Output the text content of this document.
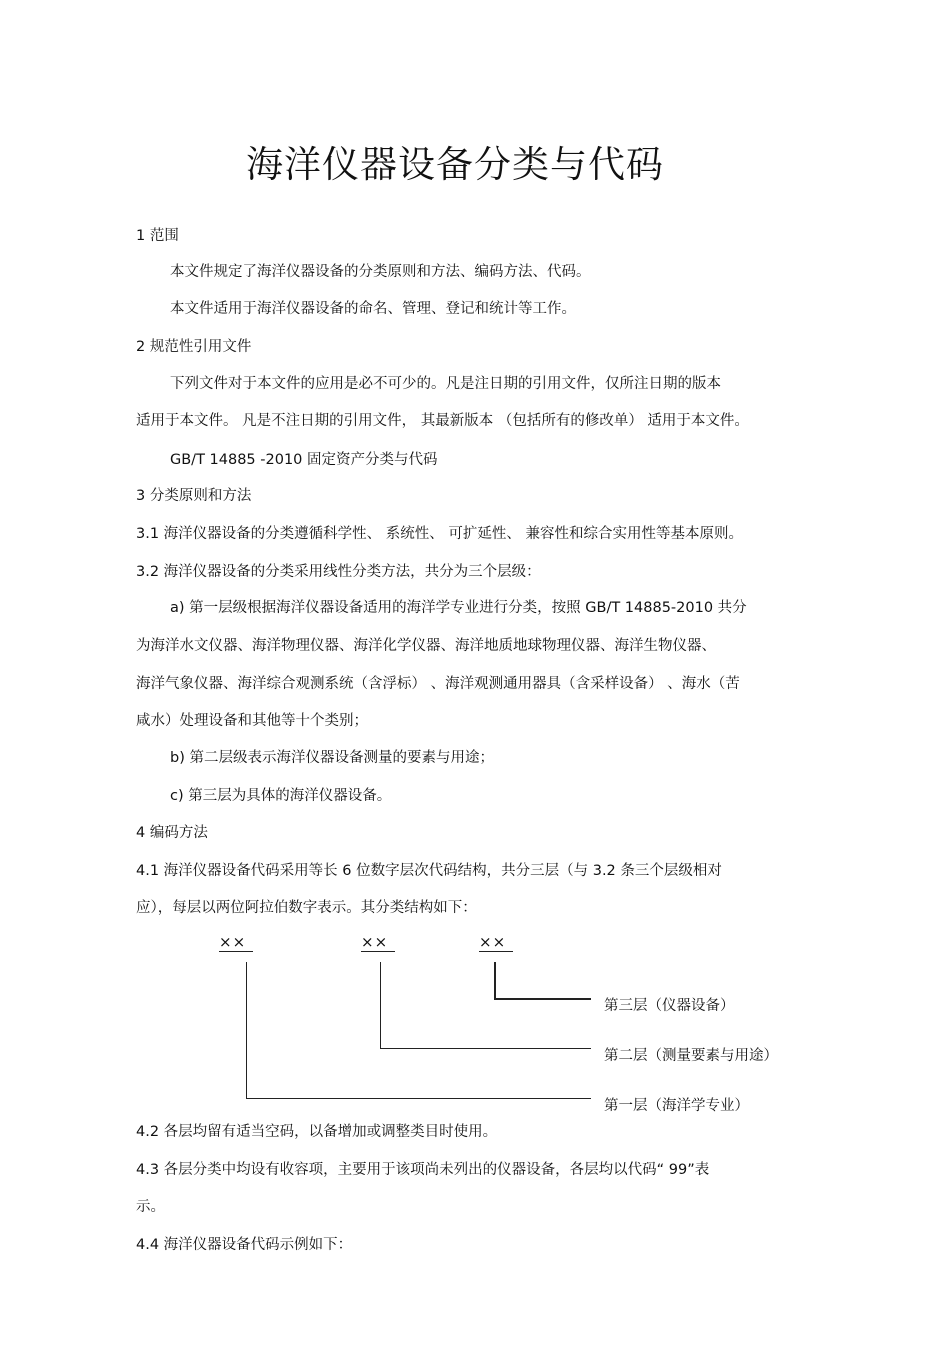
海洋仪器设备分类与代码
1 范围
本文件规定了海洋仪器设备的分类原则和方法、编码方法、代码。
本文件适用于海洋仪器设备的命名、管理、登记和统计等工作。
2 规范性引用文件
下列文件对于本文件的应用是必不可少的。凡是注日期的引用文件，仅所注日期的版本
适用于本文件。 凡是不注日期的引用文件， 其最新版本 （包括所有的修改单） 适用于本文件。
GB/T 14885 -2010 固定资产分类与代码
3 分类原则和方法
3.1 海洋仪器设备的分类遵循科学性、 系统性、 可扩延性、 兼容性和综合实用性等基本原则。
3.2 海洋仪器设备的分类采用线性分类方法，共分为三个层级：
a) 第一层级根据海洋仪器设备适用的海洋学专业进行分类，按照 GB/T 14885-2010 共分
为海洋水文仪器、海洋物理仪器、海洋化学仪器、海洋地质地球物理仪器、海洋生物仪器、
海洋气象仪器、海洋综合观测系统（含浮标） 、海洋观测通用器具（含采样设备） 、海水（苦
咸水）处理设备和其他等十个类别；
b) 第二层级表示海洋仪器设备测量的要素与用途；
c) 第三层为具体的海洋仪器设备。
4 编码方法
4.1 海洋仪器设备代码采用等长 6 位数字层次代码结构，共分三层（与 3.2 条三个层级相对
应），每层以两位阿拉伯数字表示。其分类结构如下：
××	××	××
第三层（仪器设备）
第二层（测量要素与用途）
第一层（海洋学专业）
4.2 各层均留有适当空码，以备增加或调整类目时使用。
4.3 各层分类中均设有收容项，主要用于该项尚未列出的仪器设备，各层均以代码“ 99”表
示。
4.4 海洋仪器设备代码示例如下：
